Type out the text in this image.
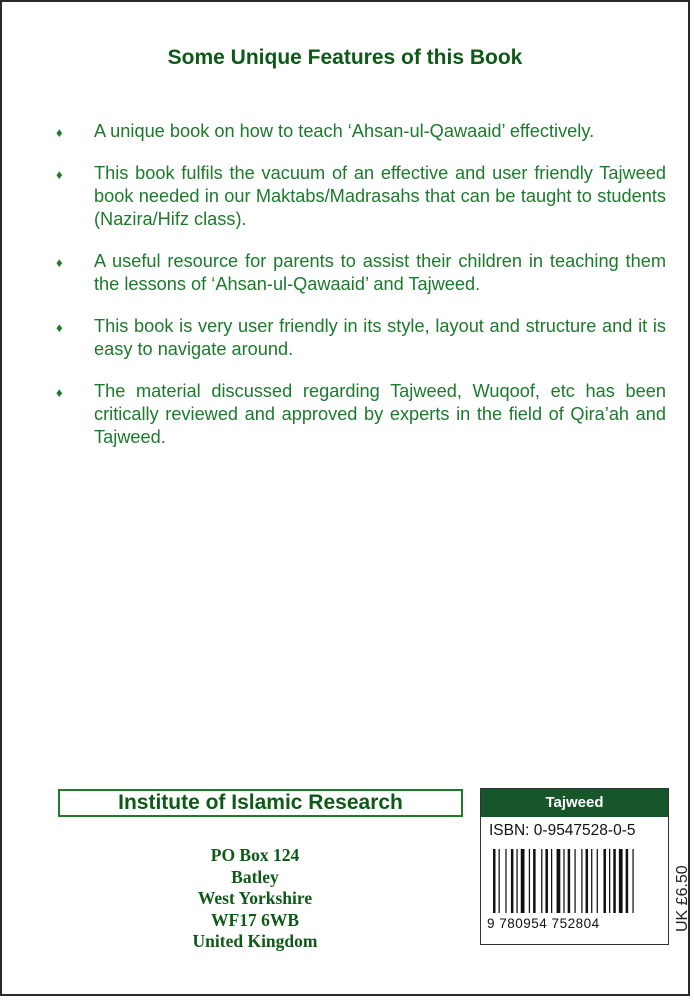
Some Unique Features of this Book
♦ A unique book on how to teach ‘Ahsan-ul-Qawaaid’ effectively.
♦ This book fulfils the vacuum of an effective and user friendly Tajweed book needed in our Maktabs/Madrasahs that can be taught to students (Nazira/Hifz class).
♦ A useful resource for parents to assist their children in teaching them the lessons of ‘Ahsan-ul-Qawaaid’ and Tajweed.
♦ This book is very user friendly in its style, layout and structure and it is easy to navigate around.
♦ The material discussed regarding Tajweed, Wuqoof, etc has been critically reviewed and approved by experts in the field of Qira’ah and Tajweed.
Institute of Islamic Research
PO Box 124
Batley
West Yorkshire
WF17 6WB
United Kingdom
Tajweed
ISBN: 0-9547528-0-5
9 780954 752804	UK £6.50
